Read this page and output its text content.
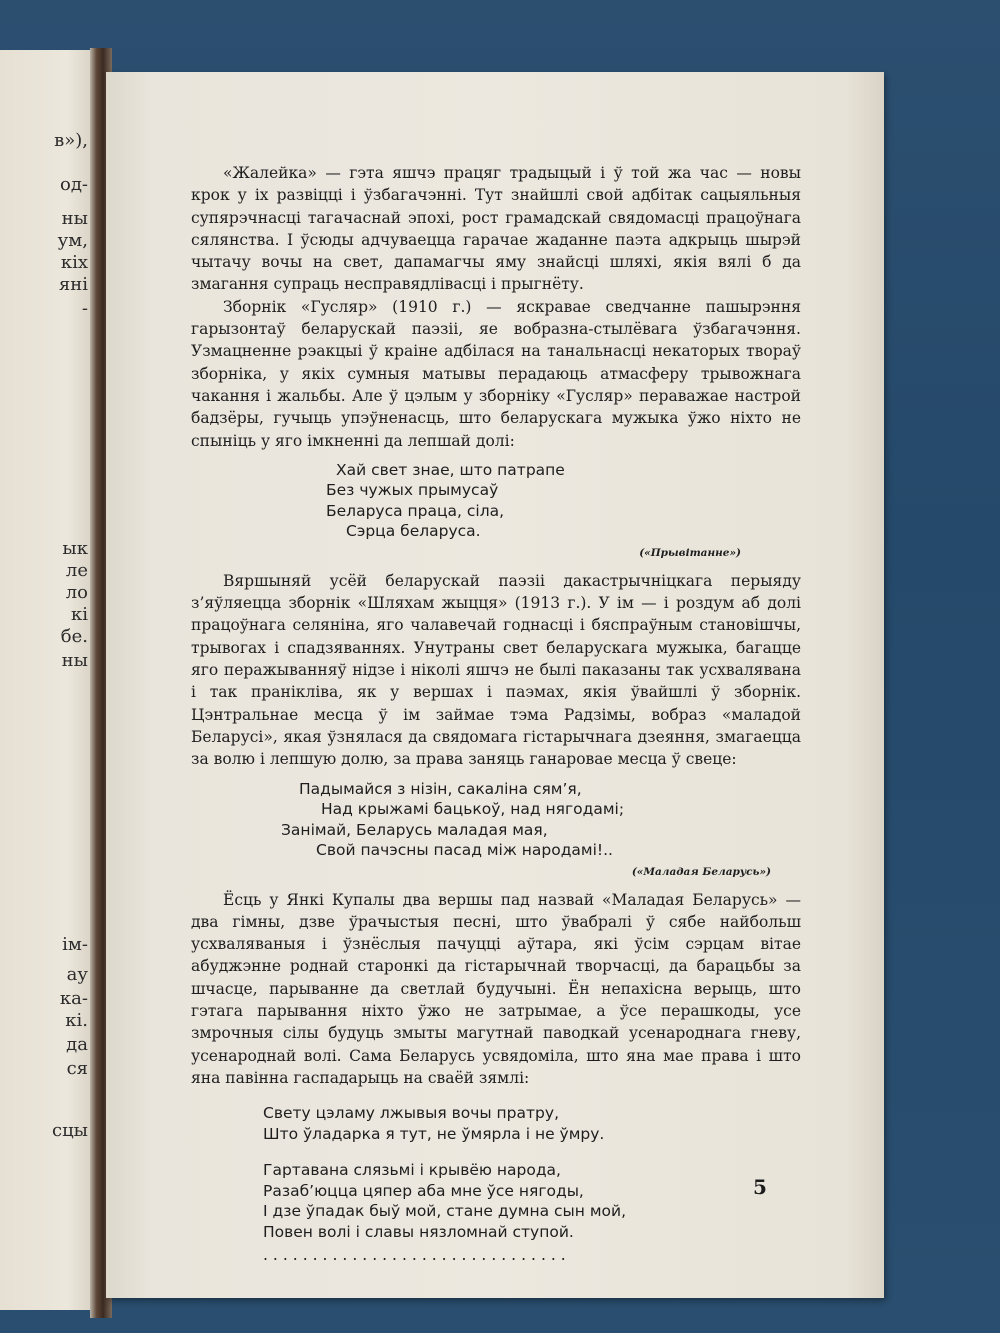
в»),
од-
ны
ум,
кіх
яні
-
ык
ле
ло
кі
бе.
ны
ім-
ау
ка-
кі.
да
ся
сцы

«Жалейка» — гэта яшчэ працяг традыцый і ў той жа час — новы крок у іх развіцці і ўзбагачэнні. Тут знайшлі свой адбітак сацыяльныя супярэчнасці тагачаснай эпохі, рост грамадскай свядомасці працоўнага сялянства. І ўсюды адчуваецца гарачае жаданне паэта адкрыць шырэй чытачу вочы на свет, дапамагчы яму знайсці шляхі, якія вялі б да змагання супраць несправядлівасці і прыгнёту.

Зборнік «Гусляр» (1910 г.) — яскравае сведчанне пашырэння гарызонтаў беларускай паэзіі, яе вобразна-стылёвага ўзбагачэння. Узмацненне рэакцыі ў краіне адбілася на танальнасці некаторых твораў зборніка, у якіх сумныя матывы перадаюць атмасферу трывожнага чакання і жальбы. Але ў цэлым у зборніку «Гусляр» пераважае настрой бадзёры, гучыць упэўненасць, што беларускага мужыка ўжо ніхто не спыніць у яго імкненні да лепшай долі:

Хай свет знае, што патрапе
Без чужых прымусаў
Беларуса праца, сіла,
Сэрца беларуса.
(«Прывітанне»)

Вяршыняй усёй беларускай паэзіі дакастрычніцкага перыяду з’яўляецца зборнік «Шляхам жыцця» (1913 г.). У ім — і роздум аб долі працоўнага селяніна, яго чалавечай годнасці і бяспраўным становішчы, трывогах і спадзяваннях. Унутраны свет беларускага мужыка, багацце яго перажыванняў нідзе і ніколі яшчэ не былі паказаны так усхвалявана і так пранікліва, як у вершах і паэмах, якія ўвайшлі ў зборнік. Цэнтральнае месца ў ім займае тэма Радзімы, вобраз «маладой Беларусі», якая ўзнялася да свядомага гістарычнага дзеяння, змагаецца за волю і лепшую долю, за права заняць ганаровае месца ў свеце:

Падымайся з нізін, сакаліна сям’я,
Над крыжамі бацькоў, над нягодамі;
Занімай, Беларусь маладая мая,
Свой пачэсны пасад між народамі!..
(«Маладая Беларусь»)

Ёсць у Янкі Купалы два вершы пад назвай «Маладая Беларусь» — два гімны, дзве ўрачыстыя песні, што ўвабралі ў сябе найбольш усхваляваныя і ўзнёслыя пачуцці аўтара, які ўсім сэрцам вітае абуджэнне роднай старонкі да гістарычнай творчасці, да барацьбы за шчасце, парыванне да светлай будучыні. Ён непахісна верыць, што гэтага парывання ніхто ўжо не затрымае, а ўсе перашкоды, усе змрочныя сілы будуць змыты магутнай паводкай усенароднага гневу, усенароднай волі. Сама Беларусь усвядоміла, што яна мае права і што яна павінна гаспадарыць на сваёй зямлі:

Свету цэламу лжывыя вочы пратру,
Што ўладарка я тут, не ўмярла і не ўмру.
Гартавана слязьмі і крывёю народа,
Разаб’юцца цяпер аба мне ўсе нягоды,
І дзе ўпадак быў мой, стане думна сын мой,
Повен волі і славы нязломнай ступой.
...............................
5
